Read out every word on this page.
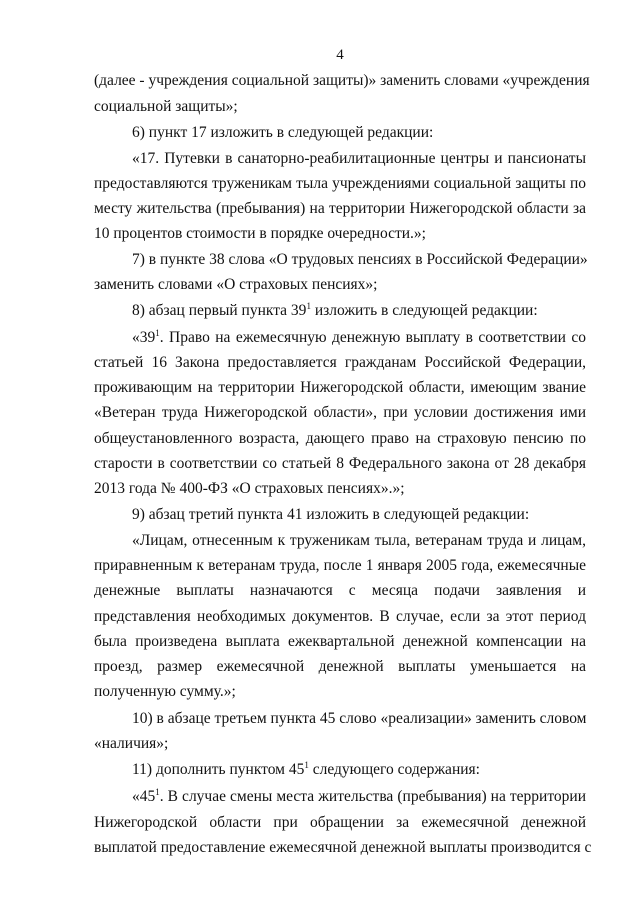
4
(далее - учреждения социальной защиты)» заменить словами «учреждения
социальной защиты»;
6) пункт 17 изложить в следующей редакции:
«17. Путевки в санаторно-реабилитационные центры и пансионаты
предоставляются труженикам тыла учреждениями социальной защиты по
месту жительства (пребывания) на территории Нижегородской области за
10 процентов стоимости в порядке очередности.»;
7) в пункте 38 слова «О трудовых пенсиях в Российской Федерации»
заменить словами «О страховых пенсиях»;
8) абзац первый пункта $39^1$ изложить в следующей редакции:
«$39^1$. Право на ежемесячную денежную выплату в соответствии со
статьей 16 Закона предоставляется гражданам Российской Федерации,
проживающим на территории Нижегородской области, имеющим звание
«Ветеран труда Нижегородской области», при условии достижения ими
общеустановленного возраста, дающего право на страховую пенсию по
старости в соответствии со статьей 8 Федерального закона от 28 декабря
2013 года № 400-ФЗ «О страховых пенсиях».»;
9) абзац третий пункта 41 изложить в следующей редакции:
«Лицам, отнесенным к труженикам тыла, ветеранам труда и лицам,
приравненным к ветеранам труда, после 1 января 2005 года, ежемесячные
денежные выплаты назначаются с месяца подачи заявления и
представления необходимых документов. В случае, если за этот период
была произведена выплата ежеквартальной денежной компенсации на
проезд, размер ежемесячной денежной выплаты уменьшается на
полученную сумму.»;
10) в абзаце третьем пункта 45 слово «реализации» заменить словом
«наличия»;
11) дополнить пунктом $45^1$ следующего содержания:
«$45^1$. В случае смены места жительства (пребывания) на территории
Нижегородской области при обращении за ежемесячной денежной
выплатой предоставление ежемесячной денежной выплаты производится с
